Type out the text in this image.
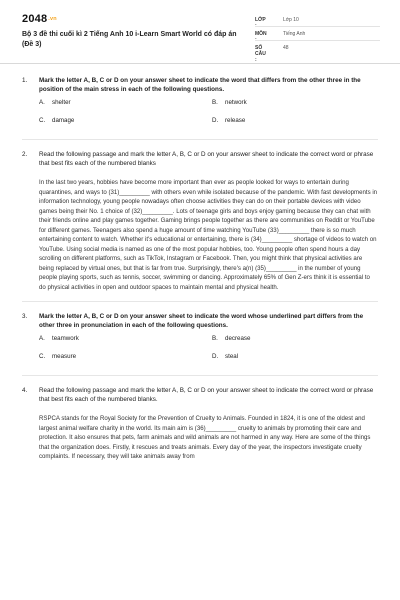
2048.vn
Bộ 3 đề thi cuối kì 2 Tiếng Anh 10 i-Learn Smart World có đáp án (Đề 3)
LỚP	Lớp 10
MÔN	Tiếng Anh
SỐ CÂU :
48
1. Mark the letter A, B, C or D on your answer sheet to indicate the word that differs from the other three in the position of the main stress in each of the following questions.
A. shelter	B. network
C. damage	D. release
2. Read the following passage and mark the letter A, B, C or D on your answer sheet to indicate the correct word or phrase that best fits each of the numbered blanks

In the last two years, hobbies have become more important than ever as people looked for ways to entertain during quarantines, and ways to (31)_________ with others even while isolated because of the pandemic. With fast developments in information technology, young people nowadays often choose activities they can do on their portable devices with video games being their No. 1 choice of (32)_________. Lots of teenage girls and boys enjoy gaming because they can chat with their friends online and play games together. Gaming brings people together as there are communities on Reddit or YouTube for different games. Teenagers also spend a huge amount of time watching YouTube (33)_________ there is so much entertaining content to watch. Whether it's educational or entertaining, there is (34)_________ shortage of videos to watch on YouTube. Using social media is named as one of the most popular hobbies, too. Young people often spend hours a day scrolling on different platforms, such as TikTok, Instagram or Facebook. Then, you might think that physical activities are being replaced by virtual ones, but that is far from true. Surprisingly, there's a(n) (35)_________ in the number of young people playing sports, such as tennis, soccer, swimming or dancing. Approximately 65% of Gen Z-ers think it is essential to do physical activities in open and outdoor spaces to maintain mental and physical health.

3. Mark the letter A, B, C or D on your answer sheet to indicate the word whose underlined part differs from the other three in pronunciation in each of the following questions.
A. teamwork	B. decrease
C. measure	D. steal
4. Read the following passage and mark the letter A, B, C or D on your answer sheet to indicate the correct word or phrase that best fits each of the numbered blanks.

RSPCA stands for the Royal Society for the Prevention of Cruelty to Animals. Founded in 1824, it is one of the oldest and largest animal welfare charity in the world. Its main aim is (36)_________ cruelty to animals by promoting their care and protection. It also ensures that pets, farm animals and wild animals are not harmed in any way. Here are some of the things that the organization does. Firstly, it rescues and treats animals. Every day of the year, the inspectors investigate cruelty complaints. If necessary, they will take animals away from
